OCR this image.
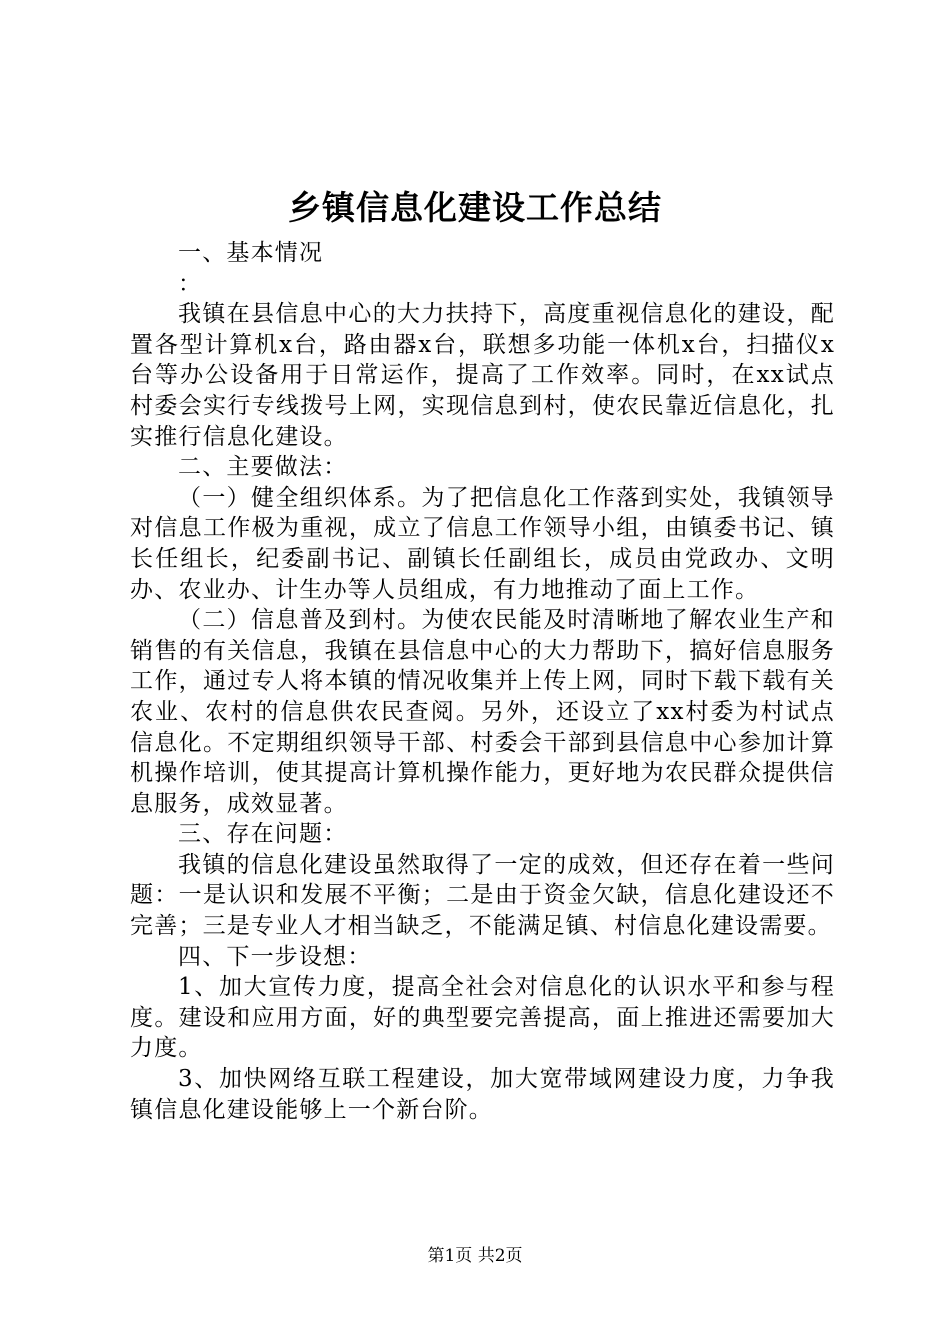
乡镇信息化建设工作总结

一、基本情况

：

我镇在县信息中心的大力扶持下，高度重视信息化的建设，配置各型计算机x台，路由器x台，联想多功能一体机x台，扫描仪x台等办公设备用于日常运作，提高了工作效率。同时，在xx试点村委会实行专线拨号上网，实现信息到村，使农民靠近信息化，扎实推行信息化建设。

二、主要做法：

（一）健全组织体系。为了把信息化工作落到实处，我镇领导对信息工作极为重视，成立了信息工作领导小组，由镇委书记、镇长任组长，纪委副书记、副镇长任副组长，成员由党政办、文明办、农业办、计生办等人员组成，有力地推动了面上工作。

（二）信息普及到村。为使农民能及时清晰地了解农业生产和销售的有关信息，我镇在县信息中心的大力帮助下，搞好信息服务工作，通过专人将本镇的情况收集并上传上网，同时下载下载有关农业、农村的信息供农民查阅。另外，还设立了xx村委为村试点信息化。不定期组织领导干部、村委会干部到县信息中心参加计算机操作培训，使其提高计算机操作能力，更好地为农民群众提供信息服务，成效显著。

三、存在问题：

我镇的信息化建设虽然取得了一定的成效，但还存在着一些问题：一是认识和发展不平衡；二是由于资金欠缺，信息化建设还不完善；三是专业人才相当缺乏，不能满足镇、村信息化建设需要。

四、下一步设想：

1、加大宣传力度，提高全社会对信息化的认识水平和参与程度。建设和应用方面，好的典型要完善提高，面上推进还需要加大力度。

3、加快网络互联工程建设，加大宽带域网建设力度，力争我镇信息化建设能够上一个新台阶。

第1页 共2页
